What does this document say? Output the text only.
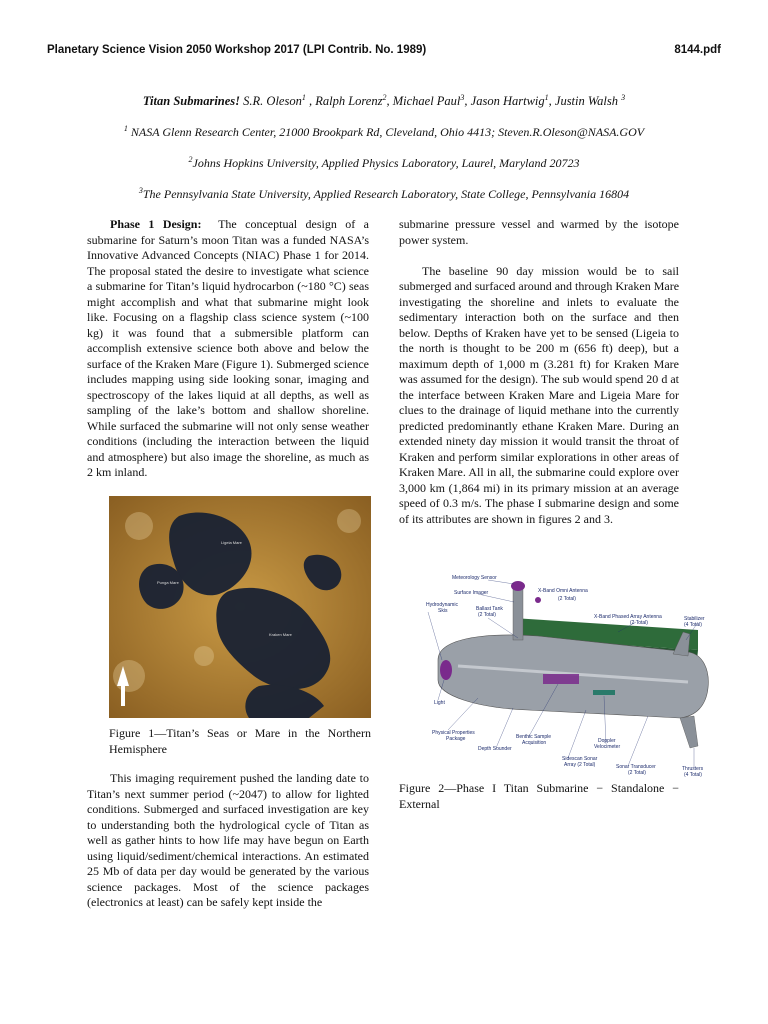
Planetary Science Vision 2050 Workshop 2017 (LPI Contrib. No. 1989)	8144.pdf
Titan Submarines! S.R. Oleson$^1$ , Ralph Lorenz$^2$, Michael Paul$^3$, Jason Hartwig$^1$, Justin Walsh $^3$
$^1$ NASA Glenn Research Center, 21000 Brookpark Rd, Cleveland, Ohio 4413; Steven.R.Oleson@NASA.GOV
$^2$Johns Hopkins University, Applied Physics Laboratory, Laurel, Maryland 20723
$^3$The Pennsylvania State University, Applied Research Laboratory, State College, Pennsylvania 16804

Phase 1 Design: The conceptual design of a submarine for Saturn’s moon Titan was a funded NASA’s Innovative Advanced Concepts (NIAC) Phase 1 for 2014. The proposal stated the desire to investigate what science a submarine for Titan’s liquid hydrocarbon (~180 °C) seas might accomplish and what that submarine might look like. Focusing on a flagship class science system (~100 kg) it was found that a submersible platform can accomplish extensive science both above and below the surface of the Kraken Mare (Figure 1). Submerged science includes mapping using side looking sonar, imaging and spectroscopy of the lakes liquid at all depths, as well as sampling of the lake’s bottom and shallow shoreline. While surfaced the submarine will not only sense weather conditions (including the interaction between the liquid and atmosphere) but also image the shoreline, as much as 2 km inland.

Ligeia Mare
Punga Mare
Kraken Mare
Figure 1—Titan’s Seas or Mare in the Northern Hemisphere

This imaging requirement pushed the landing date to Titan’s next summer period (~2047) to allow for lighted conditions. Submerged and surfaced investigation are key to understanding both the hydrological cycle of Titan as well as gather hints to how life may have begun on Earth using liquid/sediment/chemical interactions. An estimated 25 Mb of data per day would be generated by the various science packages. Most of the science packages (electronics at least) can be safely kept inside the

submarine pressure vessel and warmed by the isotope power system.

The baseline 90 day mission would be to sail submerged and surfaced around and through Kraken Mare investigating the shoreline and inlets to evaluate the sedimentary interaction both on the surface and then below. Depths of Kraken have yet to be sensed (Ligeia to the north is thought to be 200 m (656 ft) deep), but a maximum depth of 1,000 m (3.281 ft) for Kraken Mare was assumed for the design). The sub would spend 20 d at the interface between Kraken Mare and Ligeia Mare for clues to the drainage of liquid methane into the currently predicted predominantly ethane Kraken Mare. During an extended ninety day mission it would transit the throat of Kraken and perform similar explorations in other areas of Kraken Mare. All in all, the submarine could explore over 3,000 km (1,864 mi) in its primary mission at an average speed of 0.3 m/s. The phase I submarine design and some of its attributes are shown in figures 2 and 3.

Meteorology Sensor
Surface Imager	X-Band Omni Antenna
(2 Total)
Hydrodynamic
Skis	Ballast Tank
(2 Total)	X-Band Phased Array Antenna
(2 Total)
Stabilizer
(4 Total)
Light
Physical Properties
Package	Benthic Sample
Acquisition
Depth Sounder
Doppler
Velocimeter
Sidescan Sonar
Array (2 Total)	Sonar Transducer
(2 Total)
Thrusters
(4 Total)
Figure 2—Phase I Titan Submarine − Standalone − External
